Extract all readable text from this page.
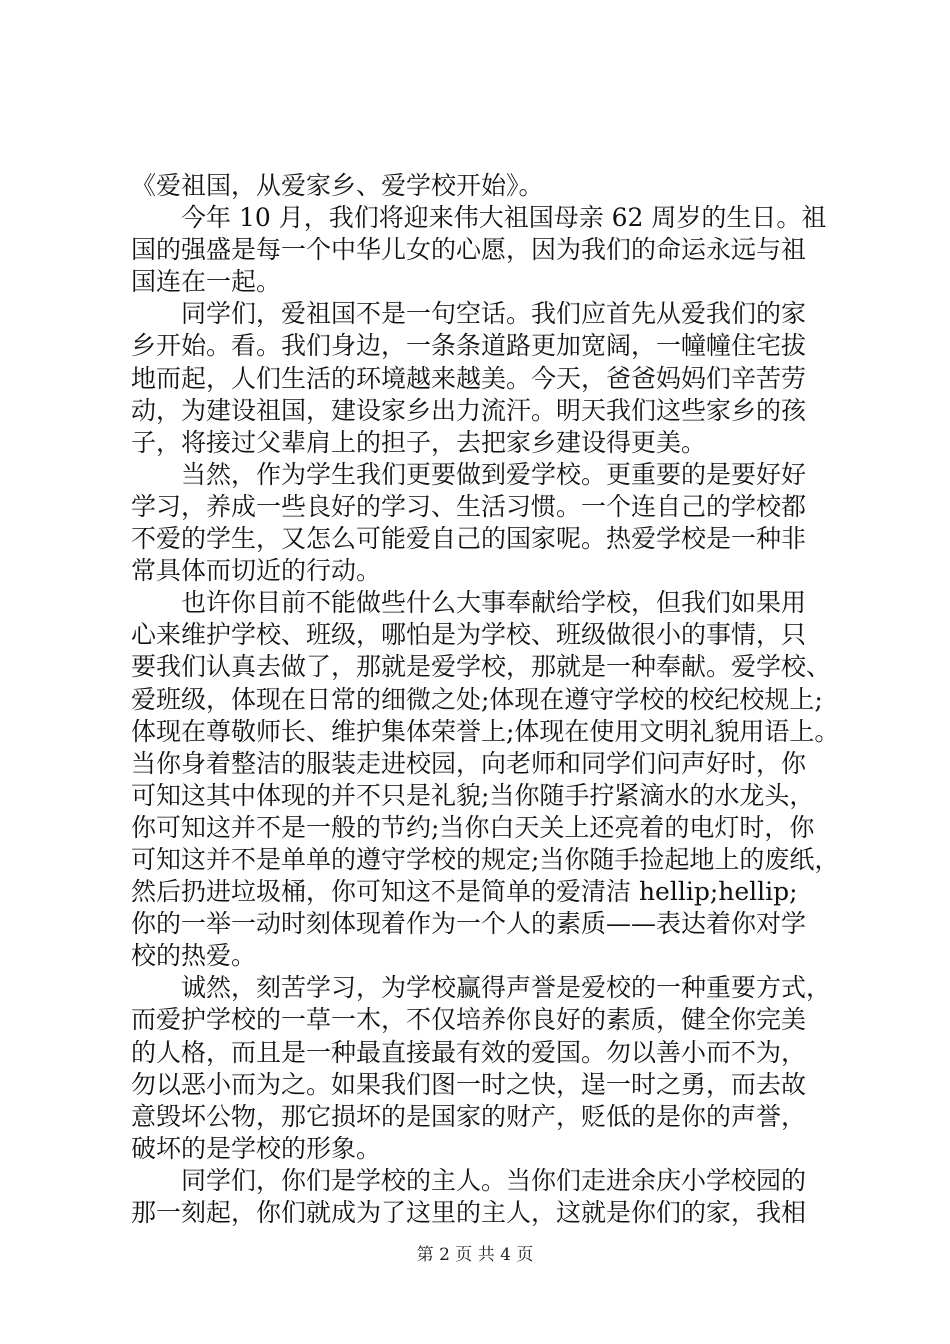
《爱祖国，从爱家乡、爱学校开始》。
今年 10 月，我们将迎来伟大祖国母亲 62 周岁的生日。祖
国的强盛是每一个中华儿女的心愿，因为我们的命运永远与祖
国连在一起。
同学们，爱祖国不是一句空话。我们应首先从爱我们的家
乡开始。看。我们身边，一条条道路更加宽阔，一幢幢住宅拔
地而起，人们生活的环境越来越美。今天，爸爸妈妈们辛苦劳
动，为建设祖国，建设家乡出力流汗。明天我们这些家乡的孩
子，将接过父辈肩上的担子，去把家乡建设得更美。
当然，作为学生我们更要做到爱学校。更重要的是要好好
学习，养成一些良好的学习、生活习惯。一个连自己的学校都
不爱的学生，又怎么可能爱自己的国家呢。热爱学校是一种非
常具体而切近的行动。
也许你目前不能做些什么大事奉献给学校，但我们如果用
心来维护学校、班级，哪怕是为学校、班级做很小的事情，只
要我们认真去做了，那就是爱学校，那就是一种奉献。爱学校、
爱班级，体现在日常的细微之处;体现在遵守学校的校纪校规上;
体现在尊敬师长、维护集体荣誉上;体现在使用文明礼貌用语上。
当你身着整洁的服装走进校园，向老师和同学们问声好时，你
可知这其中体现的并不只是礼貌;当你随手拧紧滴水的水龙头，
你可知这并不是一般的节约;当你白天关上还亮着的电灯时，你
可知这并不是单单的遵守学校的规定;当你随手捡起地上的废纸，
然后扔进垃圾桶，你可知这不是简单的爱清洁 hellip;hellip;
你的一举一动时刻体现着作为一个人的素质——表达着你对学
校的热爱。
诚然，刻苦学习，为学校赢得声誉是爱校的一种重要方式，
而爱护学校的一草一木，不仅培养你良好的素质，健全你完美
的人格，而且是一种最直接最有效的爱国。勿以善小而不为，
勿以恶小而为之。如果我们图一时之快，逞一时之勇，而去故
意毁坏公物，那它损坏的是国家的财产，贬低的是你的声誉，
破坏的是学校的形象。
同学们，你们是学校的主人。当你们走进余庆小学校园的
那一刻起，你们就成为了这里的主人，这就是你们的家，我相
第 2 页 共 4 页
